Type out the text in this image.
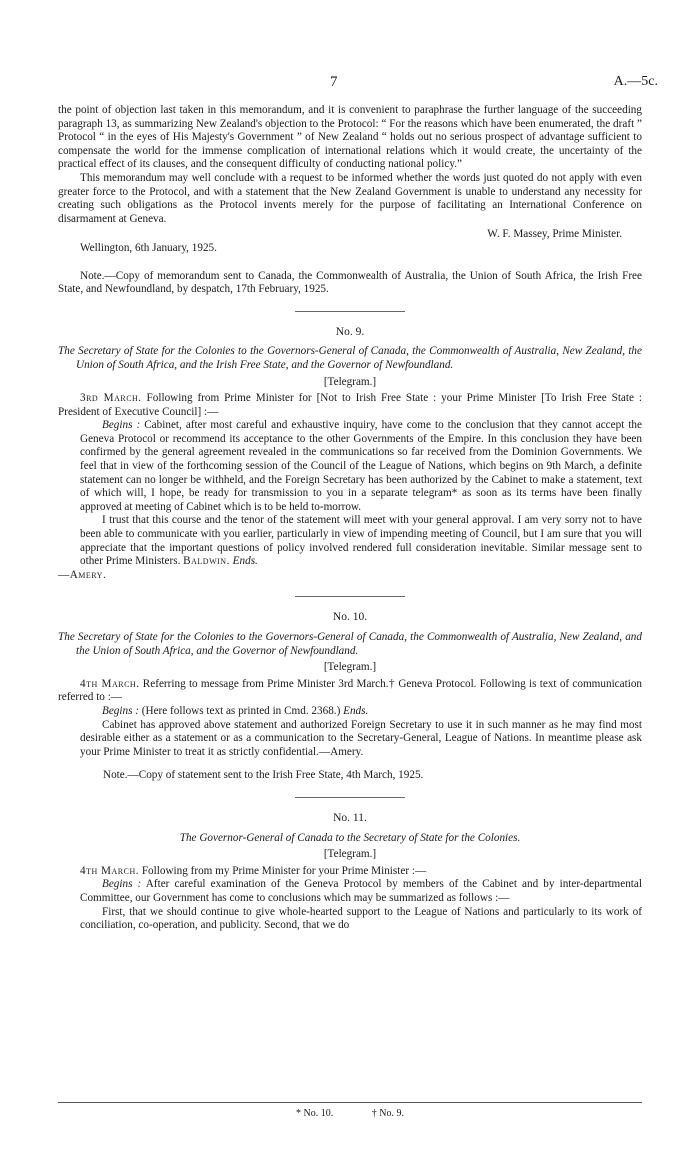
7	A.—5c.

the point of objection last taken in this memorandum, and it is convenient to paraphrase the further language of the succeeding paragraph 13, as summarizing New Zealand's objection to the Protocol: “ For the reasons which have been enumerated, the draft ” Protocol “ in the eyes of His Majesty's Government ” of New Zealand “ holds out no serious prospect of advantage sufficient to compensate the world for the immense complication of international relations which it would create, the uncertainty of the practical effect of its clauses, and the consequent difficulty of conducting national policy.”

This memorandum may well conclude with a request to be informed whether the words just quoted do not apply with even greater force to the Protocol, and with a statement that the New Zealand Government is unable to understand any necessity for creating such obligations as the Protocol invents merely for the purpose of facilitating an International Conference on disarmament at Geneva.

W. F. Massey, Prime Minister.

Wellington, 6th January, 1925.

Note.—Copy of memorandum sent to Canada, the Commonwealth of Australia, the Union of South Africa, the Irish Free State, and Newfoundland, by despatch, 17th February, 1925.

No. 9.

The Secretary of State for the Colonies to the Governors-General of Canada, the Commonwealth of Australia, New Zealand, the Union of South Africa, and the Irish Free State, and the Governor of Newfoundland.

[Telegram.]

3rd March. Following from Prime Minister for [Not to Irish Free State : your Prime Minister [To Irish Free State : President of Executive Council] :—

Begins : Cabinet, after most careful and exhaustive inquiry, have come to the conclusion that they cannot accept the Geneva Protocol or recommend its acceptance to the other Governments of the Empire. In this conclusion they have been confirmed by the general agreement revealed in the communications so far received from the Dominion Governments. We feel that in view of the forthcoming session of the Council of the League of Nations, which begins on 9th March, a definite statement can no longer be withheld, and the Foreign Secretary has been authorized by the Cabinet to make a statement, text of which will, I hope, be ready for transmission to you in a separate telegram* as soon as its terms have been finally approved at meeting of Cabinet which is to be held to-morrow.

I trust that this course and the tenor of the statement will meet with your general approval. I am very sorry not to have been able to communicate with you earlier, particularly in view of impending meeting of Council, but I am sure that you will appreciate that the important questions of policy involved rendered full consideration inevitable. Similar message sent to other Prime Ministers. Baldwin. Ends.

—Amery.

No. 10.

The Secretary of State for the Colonies to the Governors-General of Canada, the Commonwealth of Australia, New Zealand, and the Union of South Africa, and the Governor of Newfoundland.

[Telegram.]

4th March. Referring to message from Prime Minister 3rd March.† Geneva Protocol. Following is text of communication referred to :—

Begins : (Here follows text as printed in Cmd. 2368.) Ends.

Cabinet has approved above statement and authorized Foreign Secretary to use it in such manner as he may find most desirable either as a statement or as a communication to the Secretary-General, League of Nations. In meantime please ask your Prime Minister to treat it as strictly confidential.—Amery.

Note.—Copy of statement sent to the Irish Free State, 4th March, 1925.

No. 11.

The Governor-General of Canada to the Secretary of State for the Colonies.

[Telegram.]

4th March. Following from my Prime Minister for your Prime Minister :—

Begins : After careful examination of the Geneva Protocol by members of the Cabinet and by inter-departmental Committee, our Government has come to conclusions which may be summarized as follows :—

First, that we should continue to give whole-hearted support to the League of Nations and particularly to its work of conciliation, co-operation, and publicity. Second, that we do

* No. 10.	† No. 9.
